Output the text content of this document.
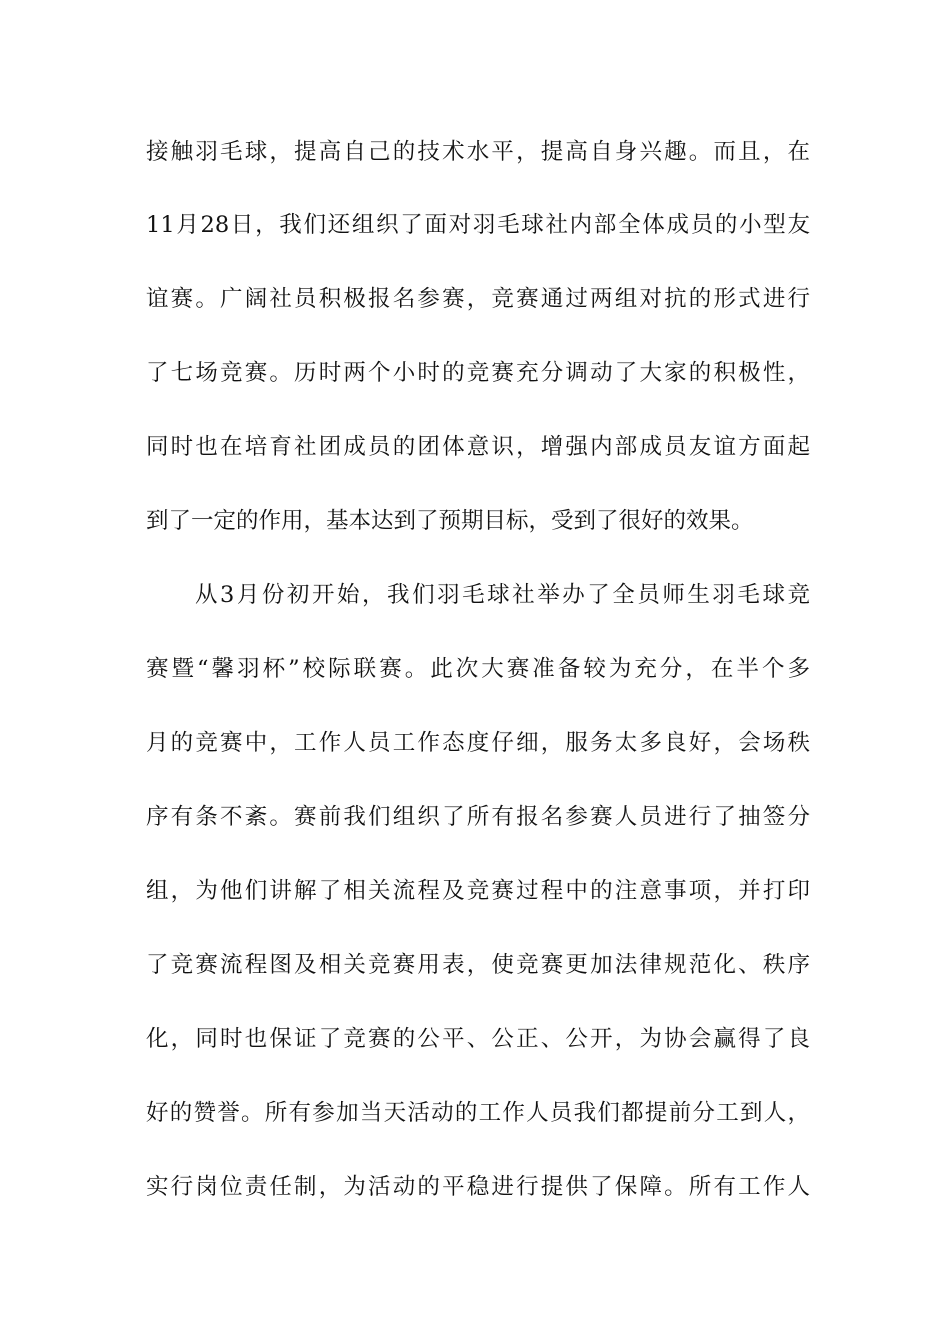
接触羽毛球，提高自己的技术水平，提高自身兴趣。而且，在
11月28日，我们还组织了面对羽毛球社内部全体成员的小型友
谊赛。广阔社员积极报名参赛，竞赛通过两组对抗的形式进行
了七场竞赛。历时两个小时的竞赛充分调动了大家的积极性，
同时也在培育社团成员的团体意识，增强内部成员友谊方面起
到了一定的作用，基本达到了预期目标，受到了很好的效果。
从3月份初开始，我们羽毛球社举办了全员师生羽毛球竞
赛暨“馨羽杯”校际联赛。此次大赛准备较为充分，在半个多
月的竞赛中，工作人员工作态度仔细，服务太多良好，会场秩
序有条不紊。赛前我们组织了所有报名参赛人员进行了抽签分
组，为他们讲解了相关流程及竞赛过程中的注意事项，并打印
了竞赛流程图及相关竞赛用表，使竞赛更加法律规范化、秩序
化，同时也保证了竞赛的公平、公正、公开，为协会赢得了良
好的赞誉。所有参加当天活动的工作人员我们都提前分工到人，
实行岗位责任制，为活动的平稳进行提供了保障。所有工作人
